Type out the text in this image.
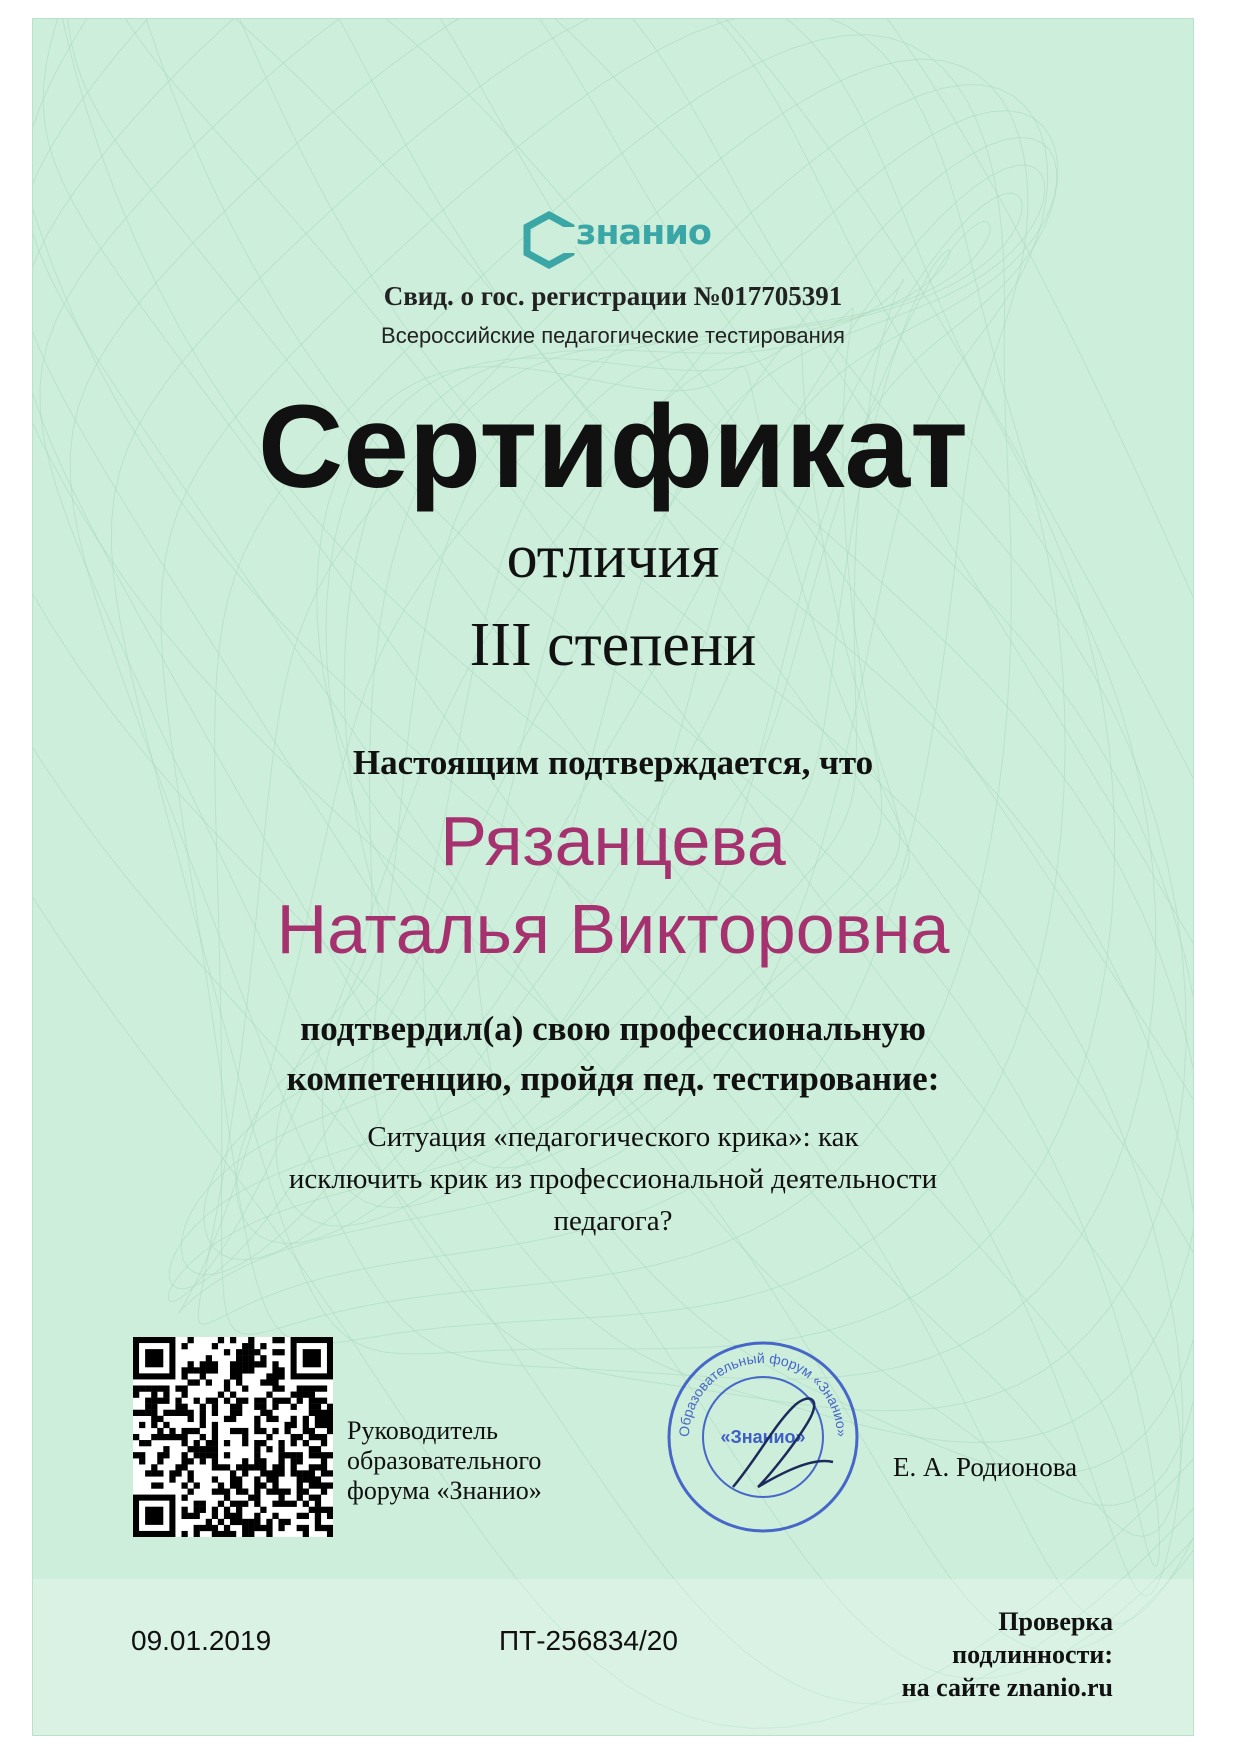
знанио
Свид. о гос. регистрации №017705391
Всероссийские педагогические тестирования
Сертификат
отличия
III степени
Настоящим подтверждается, что
Рязанцева
Наталья Викторовна
подтвердил(а) свою профессиональную
компетенцию, пройдя пед. тестирование:
Ситуация «педагогического крика»: как
исключить крик из профессиональной деятельности
педагога?
Руководитель
образовательного
форума «Знанио»
Образовательный форум «Знанио»
«Знанио»
Е. А. Родионова
09.01.2019	ПТ-256834/20
Проверка
подлинности:
на сайте znanio.ru
